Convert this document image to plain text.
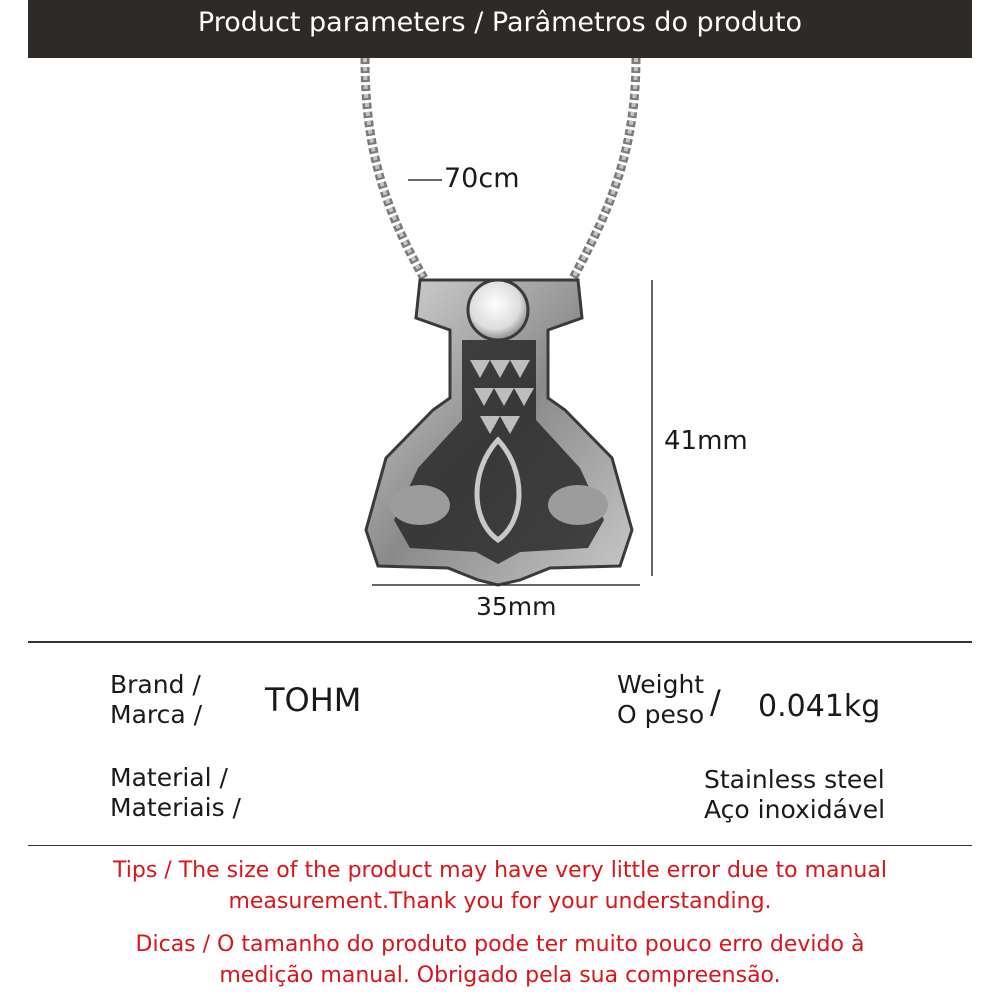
Product parameters / Parâmetros do produto
70cm
41mm
35mm
Brand /
Marca / TOHM	Weight
O peso / 0.041kg
Material /
Materiais /
Stainless steel
Aço inoxidável
Tips / The size of the product may have very little error due to manual
measurement.Thank you for your understanding.
Dicas / O tamanho do produto pode ter muito pouco erro devido à
medição manual. Obrigado pela sua compreensão.
